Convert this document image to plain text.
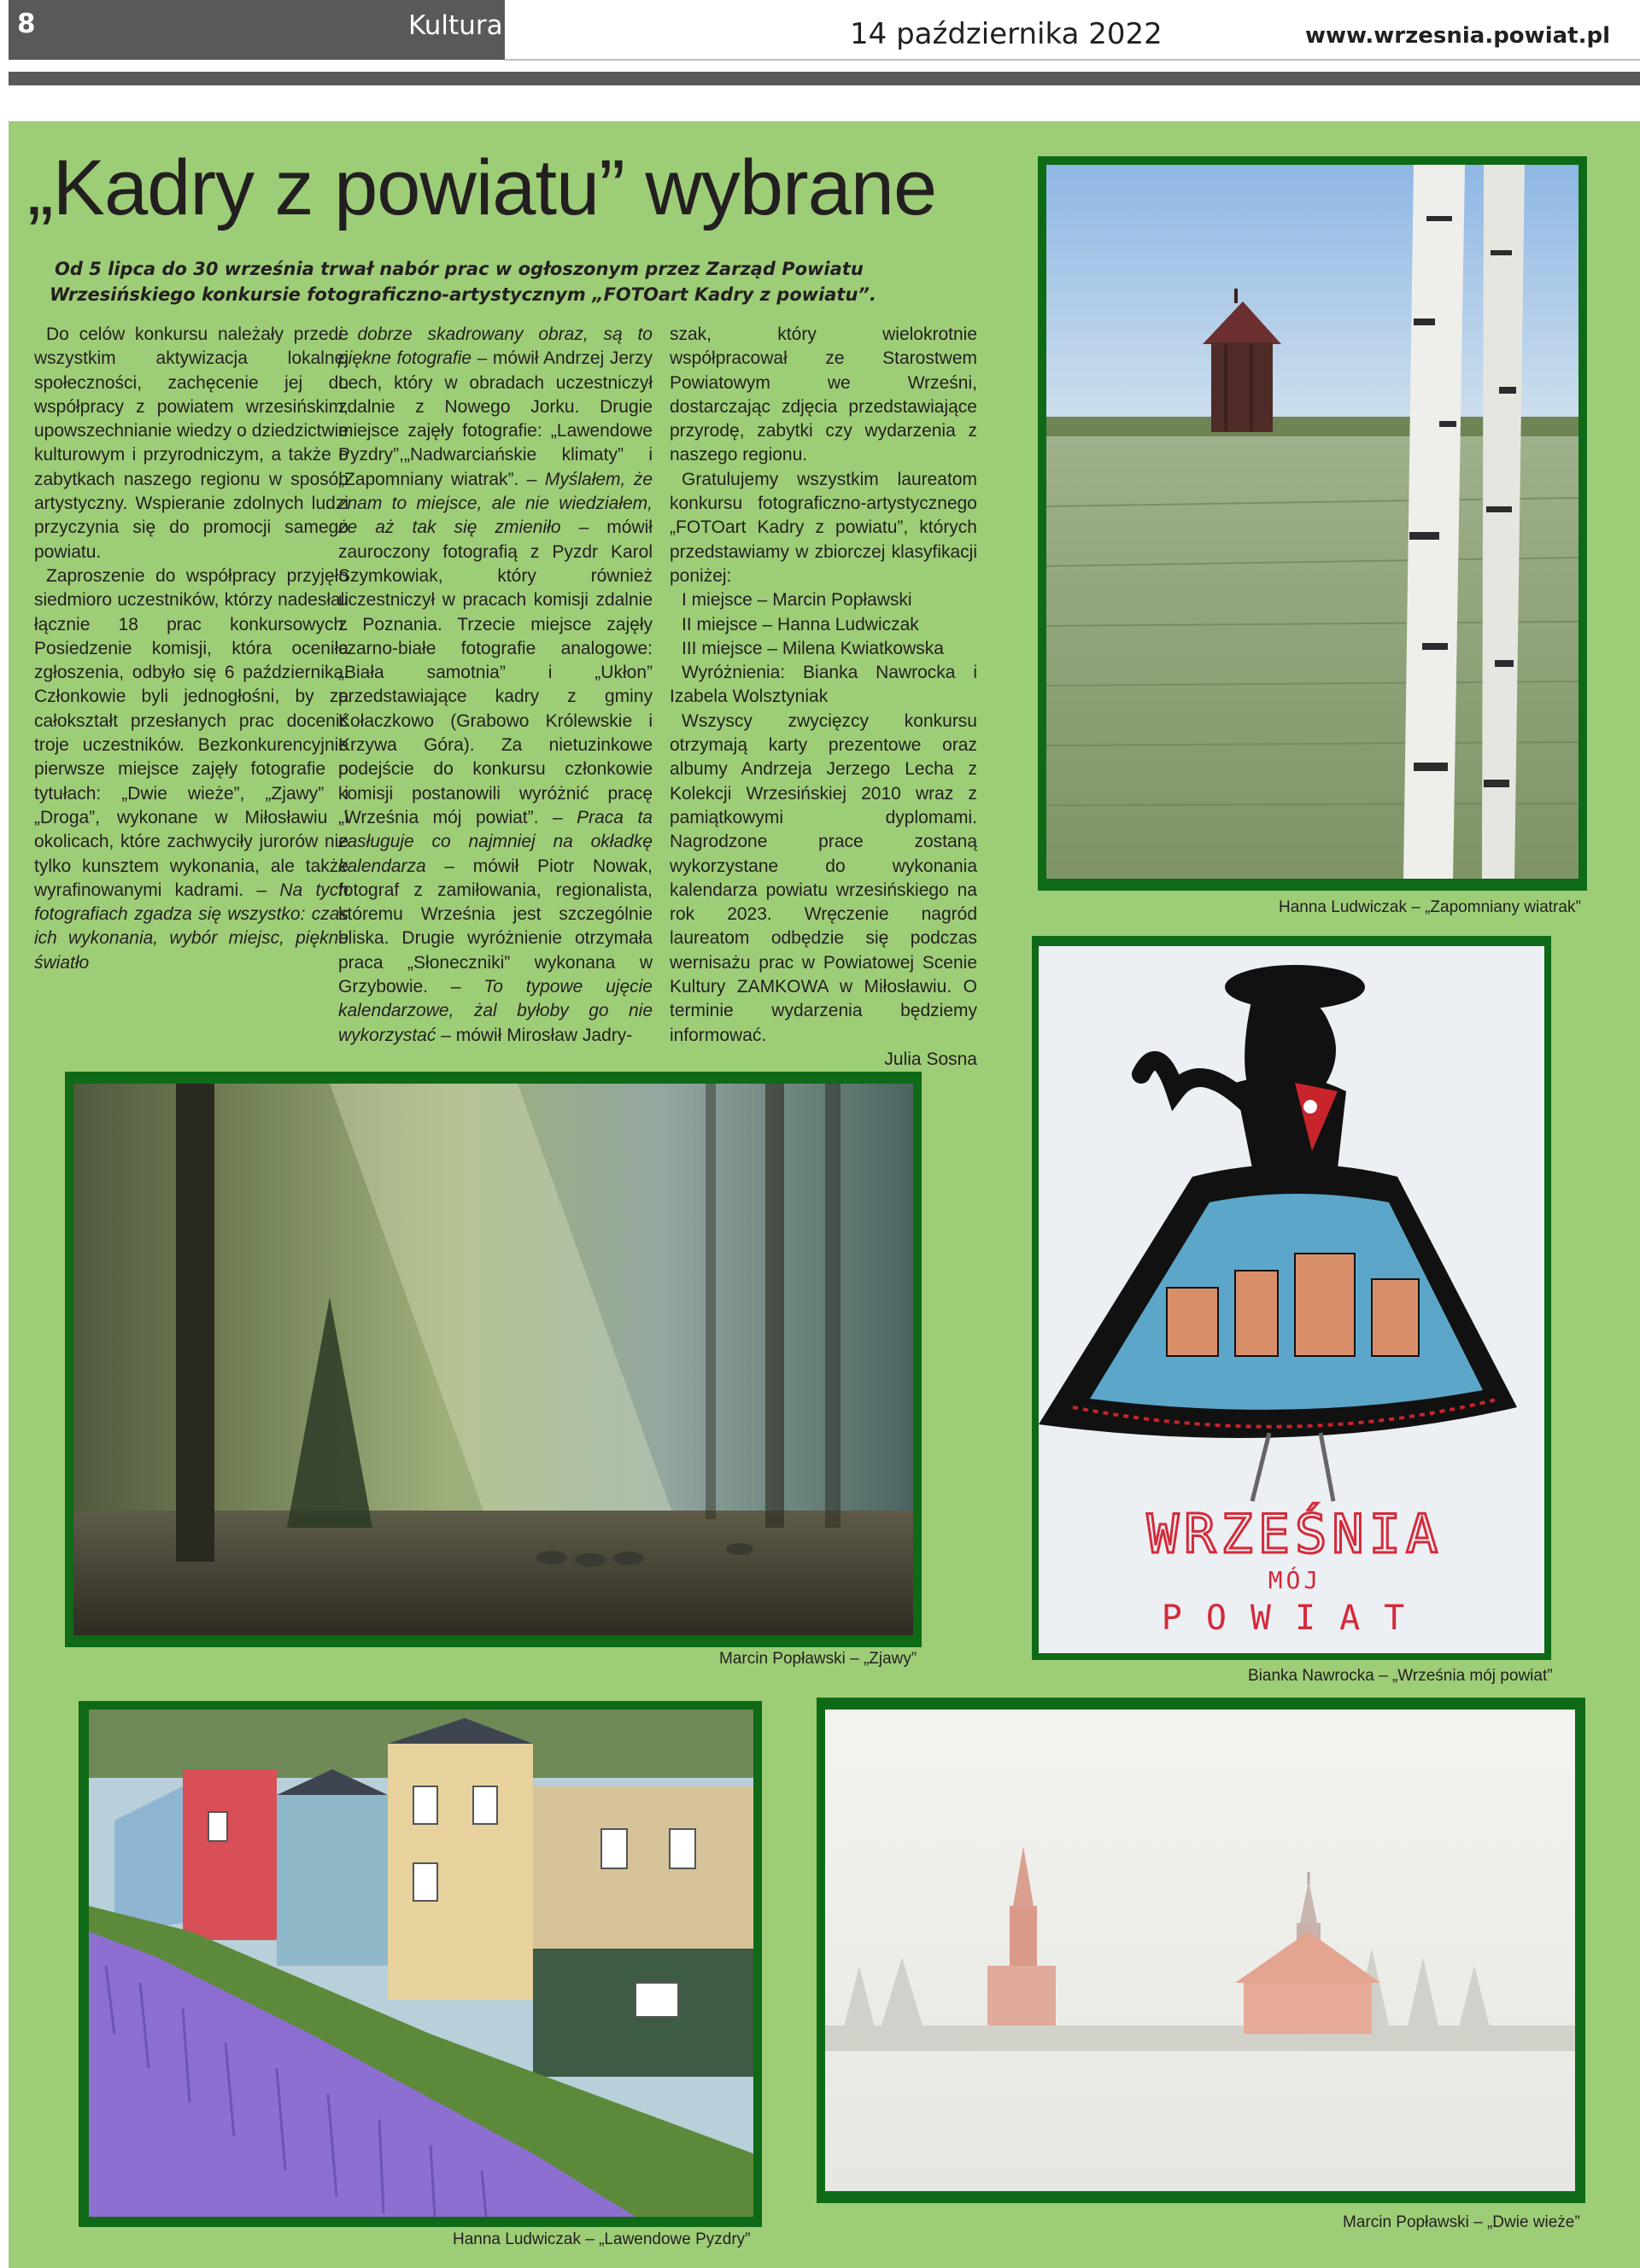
8	Kultura	14 października 2022	www.wrzesnia.powiat.pl
„Kadry z powiatu” wybrane

Od 5 lipca do 30 września trwał nabór prac w ogłoszonym przez Zarząd Powiatu Wrzesińskiego konkursie fotograficzno-artystycznym „FOTOart Kadry z powiatu”.

Do celów konkursu należały przede wszystkim aktywizacja lokalnej społeczności, zachęcenie jej do współpracy z powiatem wrzesińskim, upowszechnianie wiedzy o dziedzictwie kulturowym i przyrodniczym, a także o zabytkach naszego regionu w sposób artystyczny. Wspieranie zdolnych ludzi przyczynia się do promocji samego powiatu.

Zaproszenie do współpracy przyjęło siedmioro uczestników, którzy nadesłali łącznie 18 prac konkursowych. Posiedzenie komisji, która oceniła zgłoszenia, odbyło się 6 października. Członkowie byli jednogłośni, by za całokształt przesłanych prac docenić troje uczestników. Bezkonkurencyjnie pierwsze miejsce zajęły fotografie o tytułach: „Dwie wieże”, „Zjawy” i „Droga”, wykonane w Miłosławiu i okolicach, które zachwyciły jurorów nie tylko kunsztem wykonania, ale także wyrafinowanymi kadrami. – Na tych fotografiach zgadza się wszystko: czas ich wykonania, wybór miejsc, piękne światło

i dobrze skadrowany obraz, są to piękne fotografie – mówił Andrzej Jerzy Lech, który w obradach uczestniczył zdalnie z Nowego Jorku. Drugie miejsce zajęły fotografie: „Lawendowe Pyzdry”,„Nadwarciańskie klimaty” i „Zapomniany wiatrak”. – Myślałem, że znam to miejsce, ale nie wiedziałem, że aż tak się zmieniło – mówił zauroczony fotografią z Pyzdr Karol Szymkowiak, który również uczestniczył w pracach komisji zdalnie z Poznania. Trzecie miejsce zajęły czarno-białe fotografie analogowe: „Biała samotnia” i „Ukłon” przedstawiające kadry z gminy Kołaczkowo (Grabowo Królewskie i Krzywa Góra). Za nietuzinkowe podejście do konkursu członkowie komisji postanowili wyróżnić pracę „Września mój powiat”. – Praca ta zasługuje co najmniej na okładkę kalendarza – mówił Piotr Nowak, fotograf z zamiłowania, regionalista, któremu Września jest szczególnie bliska. Drugie wyróżnienie otrzymała praca „Słoneczniki” wykonana w Grzybowie. – To typowe ujęcie kalendarzowe, żal byłoby go nie wykorzystać – mówił Mirosław Jadry-

szak, który wielokrotnie współpracował ze Starostwem Powiatowym we Wrześni, dostarczając zdjęcia przedstawiające przyrodę, zabytki czy wydarzenia z naszego regionu.

Gratulujemy wszystkim laureatom konkursu fotograficzno-artystycznego „FOTOart Kadry z powiatu”, których przedstawiamy w zbiorczej klasyfikacji poniżej:

I miejsce – Marcin Popławski
II miejsce – Hanna Ludwiczak
III miejsce – Milena Kwiatkowska

Wyróżnienia: Bianka Nawrocka i Izabela Wolsztyniak

Wszyscy zwycięzcy konkursu otrzymają karty prezentowe oraz albumy Andrzeja Jerzego Lecha z Kolekcji Wrzesińskiej 2010 wraz z pamiątkowymi dyplomami. Nagrodzone prace zostaną wykorzystane do wykonania kalendarza powiatu wrzesińskiego na rok 2023. Wręczenie nagród laureatom odbędzie się podczas wernisażu prac w Powiatowej Scenie Kultury ZAMKOWA w Miłosławiu. O terminie wydarzenia będziemy informować.

Julia Sosna
Hanna Ludwiczak – „Zapomniany wiatrak”
WRZEŚNIA
MÓJ
POWIAT
Bianka Nawrocka – „Września mój powiat”
Marcin Popławski – „Zjawy”
Hanna Ludwiczak – „Lawendowe Pyzdry”
Marcin Popławski – „Dwie wieże”
